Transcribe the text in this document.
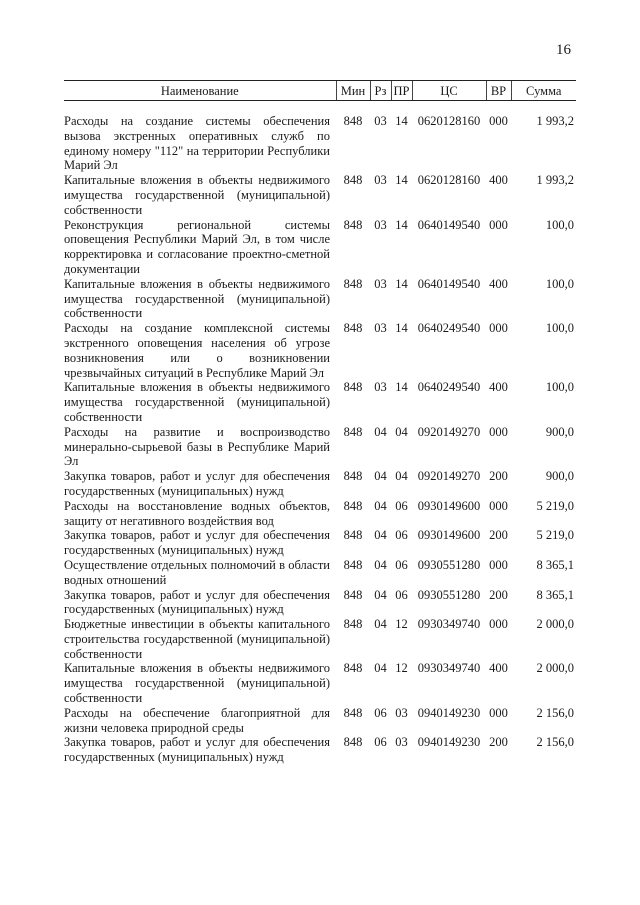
16
Наименование	Мин	Рз	ПР	ЦС	ВР	Сумма
Расходы на создание системы обеспечения вызова экстренных оперативных служб по единому номеру "112" на территории Республики Марий Эл	848	03	14	0620128160	000	1 993,2
Капитальные вложения в объекты недвижимого имущества государственной (муниципальной) собственности	848	03	14	0620128160	400	1 993,2
Реконструкция региональной системы оповещения Республики Марий Эл, в том числе корректировка и согласование проектно-сметной документации	848	03	14	0640149540	000	100,0
Капитальные вложения в объекты недвижимого имущества государственной (муниципальной) собственности	848	03	14	0640149540	400	100,0
Расходы на создание комплексной системы экстренного оповещения населения об угрозе возникновения или о возникновении чрезвычайных ситуаций в Республике Марий Эл	848	03	14	0640249540	000	100,0
Капитальные вложения в объекты недвижимого имущества государственной (муниципальной) собственности	848	03	14	0640249540	400	100,0
Расходы на развитие и воспроизводство минерально-сырьевой базы в Республике Марий Эл	848	04	04	0920149270	000	900,0
Закупка товаров, работ и услуг для обеспечения государственных (муниципальных) нужд	848	04	04	0920149270	200	900,0
Расходы на восстановление водных объектов, защиту от негативного воздействия вод	848	04	06	0930149600	000	5 219,0
Закупка товаров, работ и услуг для обеспечения государственных (муниципальных) нужд	848	04	06	0930149600	200	5 219,0
Осуществление отдельных полномочий в области водных отношений	848	04	06	0930551280	000	8 365,1
Закупка товаров, работ и услуг для обеспечения государственных (муниципальных) нужд	848	04	06	0930551280	200	8 365,1
Бюджетные инвестиции в объекты капитального строительства государственной (муниципальной) собственности	848	04	12	0930349740	000	2 000,0
Капитальные вложения в объекты недвижимого имущества государственной (муниципальной) собственности	848	04	12	0930349740	400	2 000,0
Расходы на обеспечение благоприятной для жизни человека природной среды	848	06	03	0940149230	000	2 156,0
Закупка товаров, работ и услуг для обеспечения государственных (муниципальных) нужд	848	06	03	0940149230	200	2 156,0
